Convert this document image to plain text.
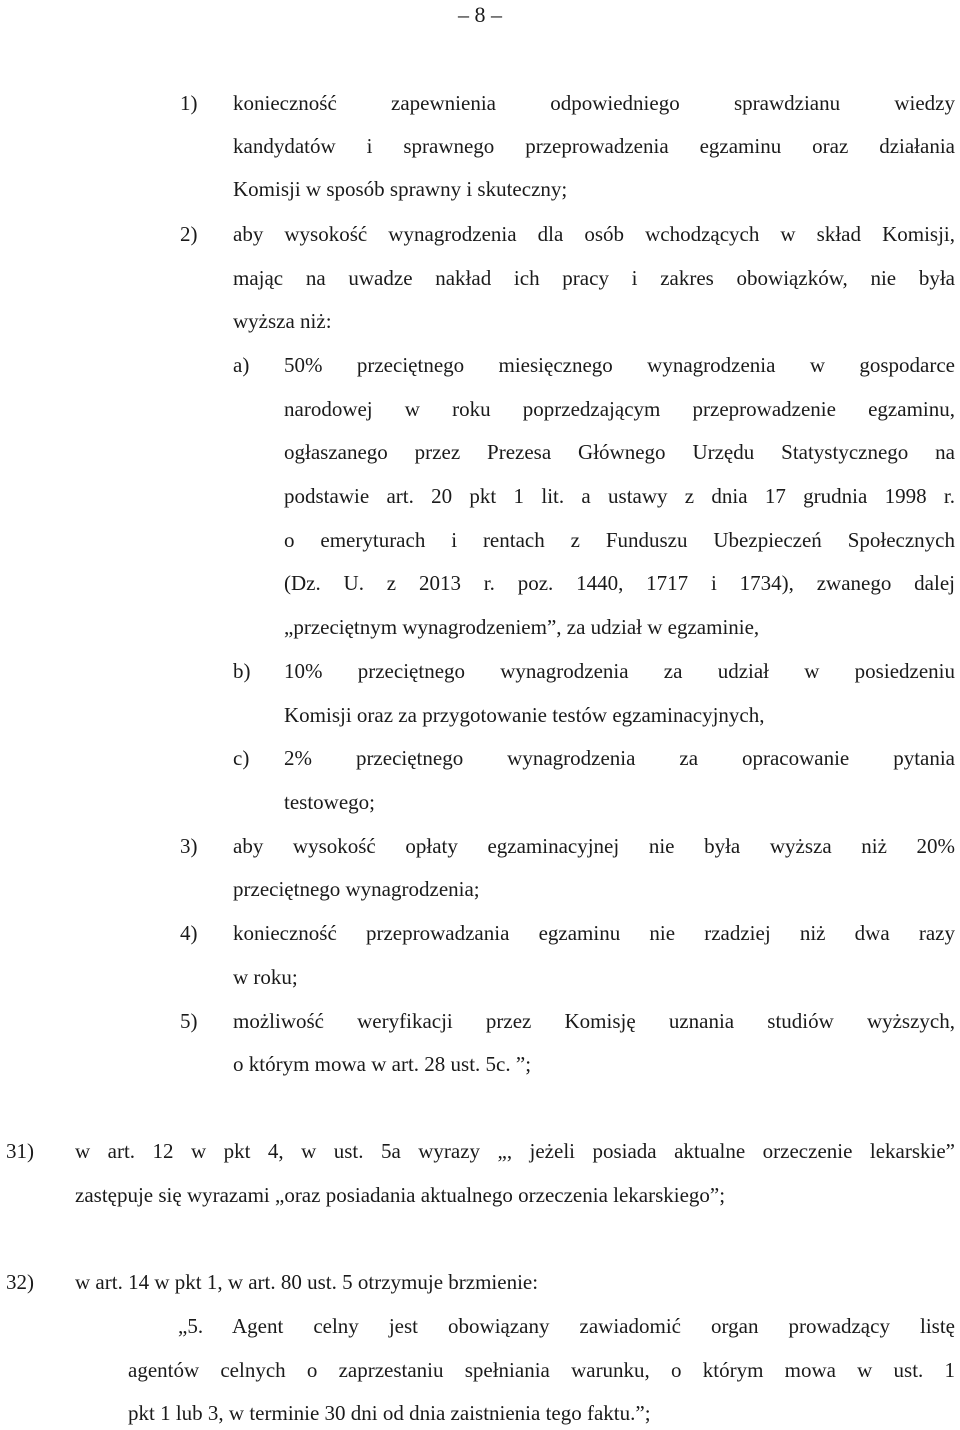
– 8 –
1) konieczność zapewnienia odpowiedniego sprawdzianu wiedzy
kandydatów i sprawnego przeprowadzenia egzaminu oraz działania
Komisji w sposób sprawny i skuteczny;
2) aby wysokość wynagrodzenia dla osób wchodzących w skład Komisji,
mając na uwadze nakład ich pracy i zakres obowiązków, nie była
wyższa niż:
a) 50% przeciętnego miesięcznego wynagrodzenia w gospodarce
narodowej w roku poprzedzającym przeprowadzenie egzaminu,
ogłaszanego przez Prezesa Głównego Urzędu Statystycznego na
podstawie art. 20 pkt 1 lit. a ustawy z dnia 17 grudnia 1998 r.
o emeryturach i rentach z Funduszu Ubezpieczeń Społecznych
(Dz. U. z 2013 r. poz. 1440, 1717 i 1734), zwanego dalej
„przeciętnym wynagrodzeniem”, za udział w egzaminie,
b) 10% przeciętnego wynagrodzenia za udział w posiedzeniu
Komisji oraz za przygotowanie testów egzaminacyjnych,
c) 2% przeciętnego wynagrodzenia za opracowanie pytania
testowego;
3) aby wysokość opłaty egzaminacyjnej nie była wyższa niż 20%
przeciętnego wynagrodzenia;
4) konieczność przeprowadzania egzaminu nie rzadziej niż dwa razy
w roku;
5) możliwość weryfikacji przez Komisję uznania studiów wyższych,
o którym mowa w art. 28 ust. 5c. ”;
31) w art. 12 w pkt 4, w ust. 5a wyrazy „, jeżeli posiada aktualne orzeczenie lekarskie”
zastępuje się wyrazami „oraz posiadania aktualnego orzeczenia lekarskiego”;
32) w art. 14 w pkt 1, w art. 80 ust. 5 otrzymuje brzmienie:
„5. Agent celny jest obowiązany zawiadomić organ prowadzący listę
agentów celnych o zaprzestaniu spełniania warunku, o którym mowa w ust. 1
pkt 1 lub 3, w terminie 30 dni od dnia zaistnienia tego faktu.”;
